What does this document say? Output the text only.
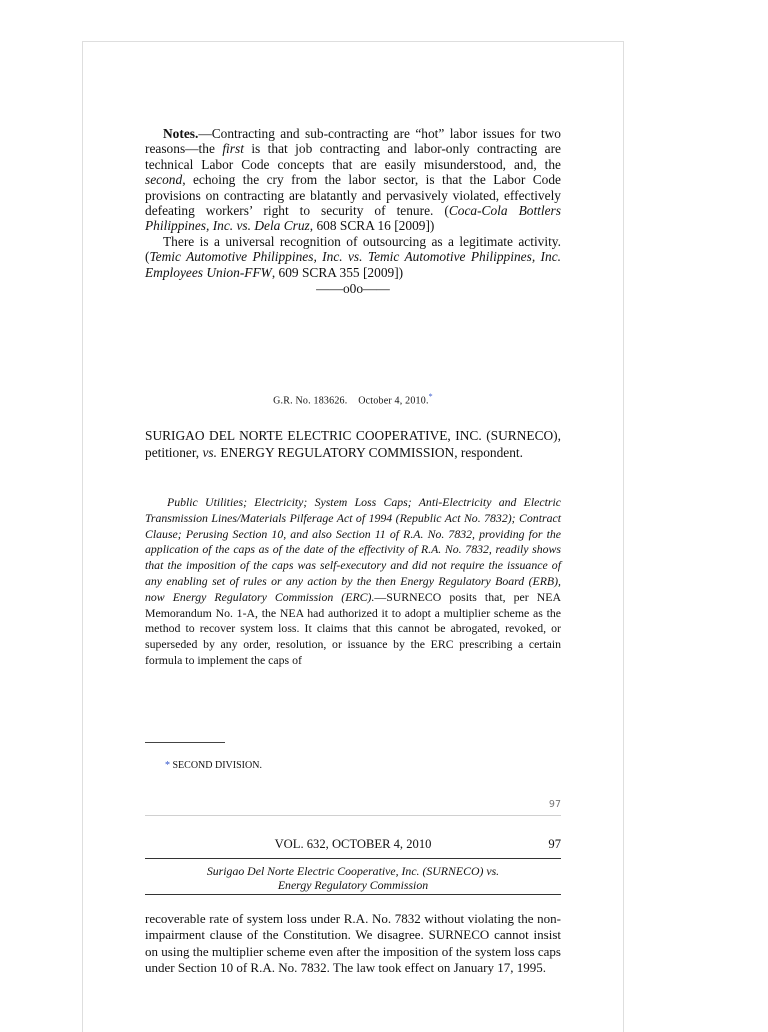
Notes.—Contracting and sub-contracting are “hot” labor issues for two reasons—the first is that job contracting and labor-only contracting are technical Labor Code concepts that are easily misunderstood, and, the second, echoing the cry from the labor sector, is that the Labor Code provisions on contracting are blatantly and pervasively violated, effectively defeating workers’ right to security of tenure. (Coca-Cola Bottlers Philippines, Inc. vs. Dela Cruz, 608 SCRA 16 [2009])

There is a universal recognition of outsourcing as a legitimate activity. (Temic Automotive Philippines, Inc. vs. Temic Automotive Philippines, Inc. Employees Union-FFW, 609 SCRA 355 [2009])

——o0o——
G.R. No. 183626. October 4, 2010.*
SURIGAO DEL NORTE ELECTRIC COOPERATIVE, INC. (SURNECO), petitioner, vs. ENERGY REGULATORY COMMISSION, respondent.

Public Utilities; Electricity; System Loss Caps; Anti-Electricity and Electric Transmission Lines/Materials Pilferage Act of 1994 (Republic Act No. 7832); Contract Clause; Perusing Section 10, and also Section 11 of R.A. No. 7832, providing for the application of the caps as of the date of the effectivity of R.A. No. 7832, readily shows that the imposition of the caps was self-executory and did not require the issuance of any enabling set of rules or any action by the then Energy Regulatory Board (ERB), now Energy Regulatory Commission (ERC).—SURNECO posits that, per NEA Memorandum No. 1-A, the NEA had authorized it to adopt a multiplier scheme as the method to recover system loss. It claims that this cannot be abrogated, revoked, or superseded by any order, resolution, or issuance by the ERC prescribing a certain formula to implement the caps of

* SECOND DIVISION.
97
VOL. 632, OCTOBER 4, 2010	97
Surigao Del Norte Electric Cooperative, Inc. (SURNECO) vs.
Energy Regulatory Commission

recoverable rate of system loss under R.A. No. 7832 without violating the non-impairment clause of the Constitution. We disagree. SURNECO cannot insist on using the multiplier scheme even after the imposition of the system loss caps under Section 10 of R.A. No. 7832. The law took effect on January 17, 1995.
